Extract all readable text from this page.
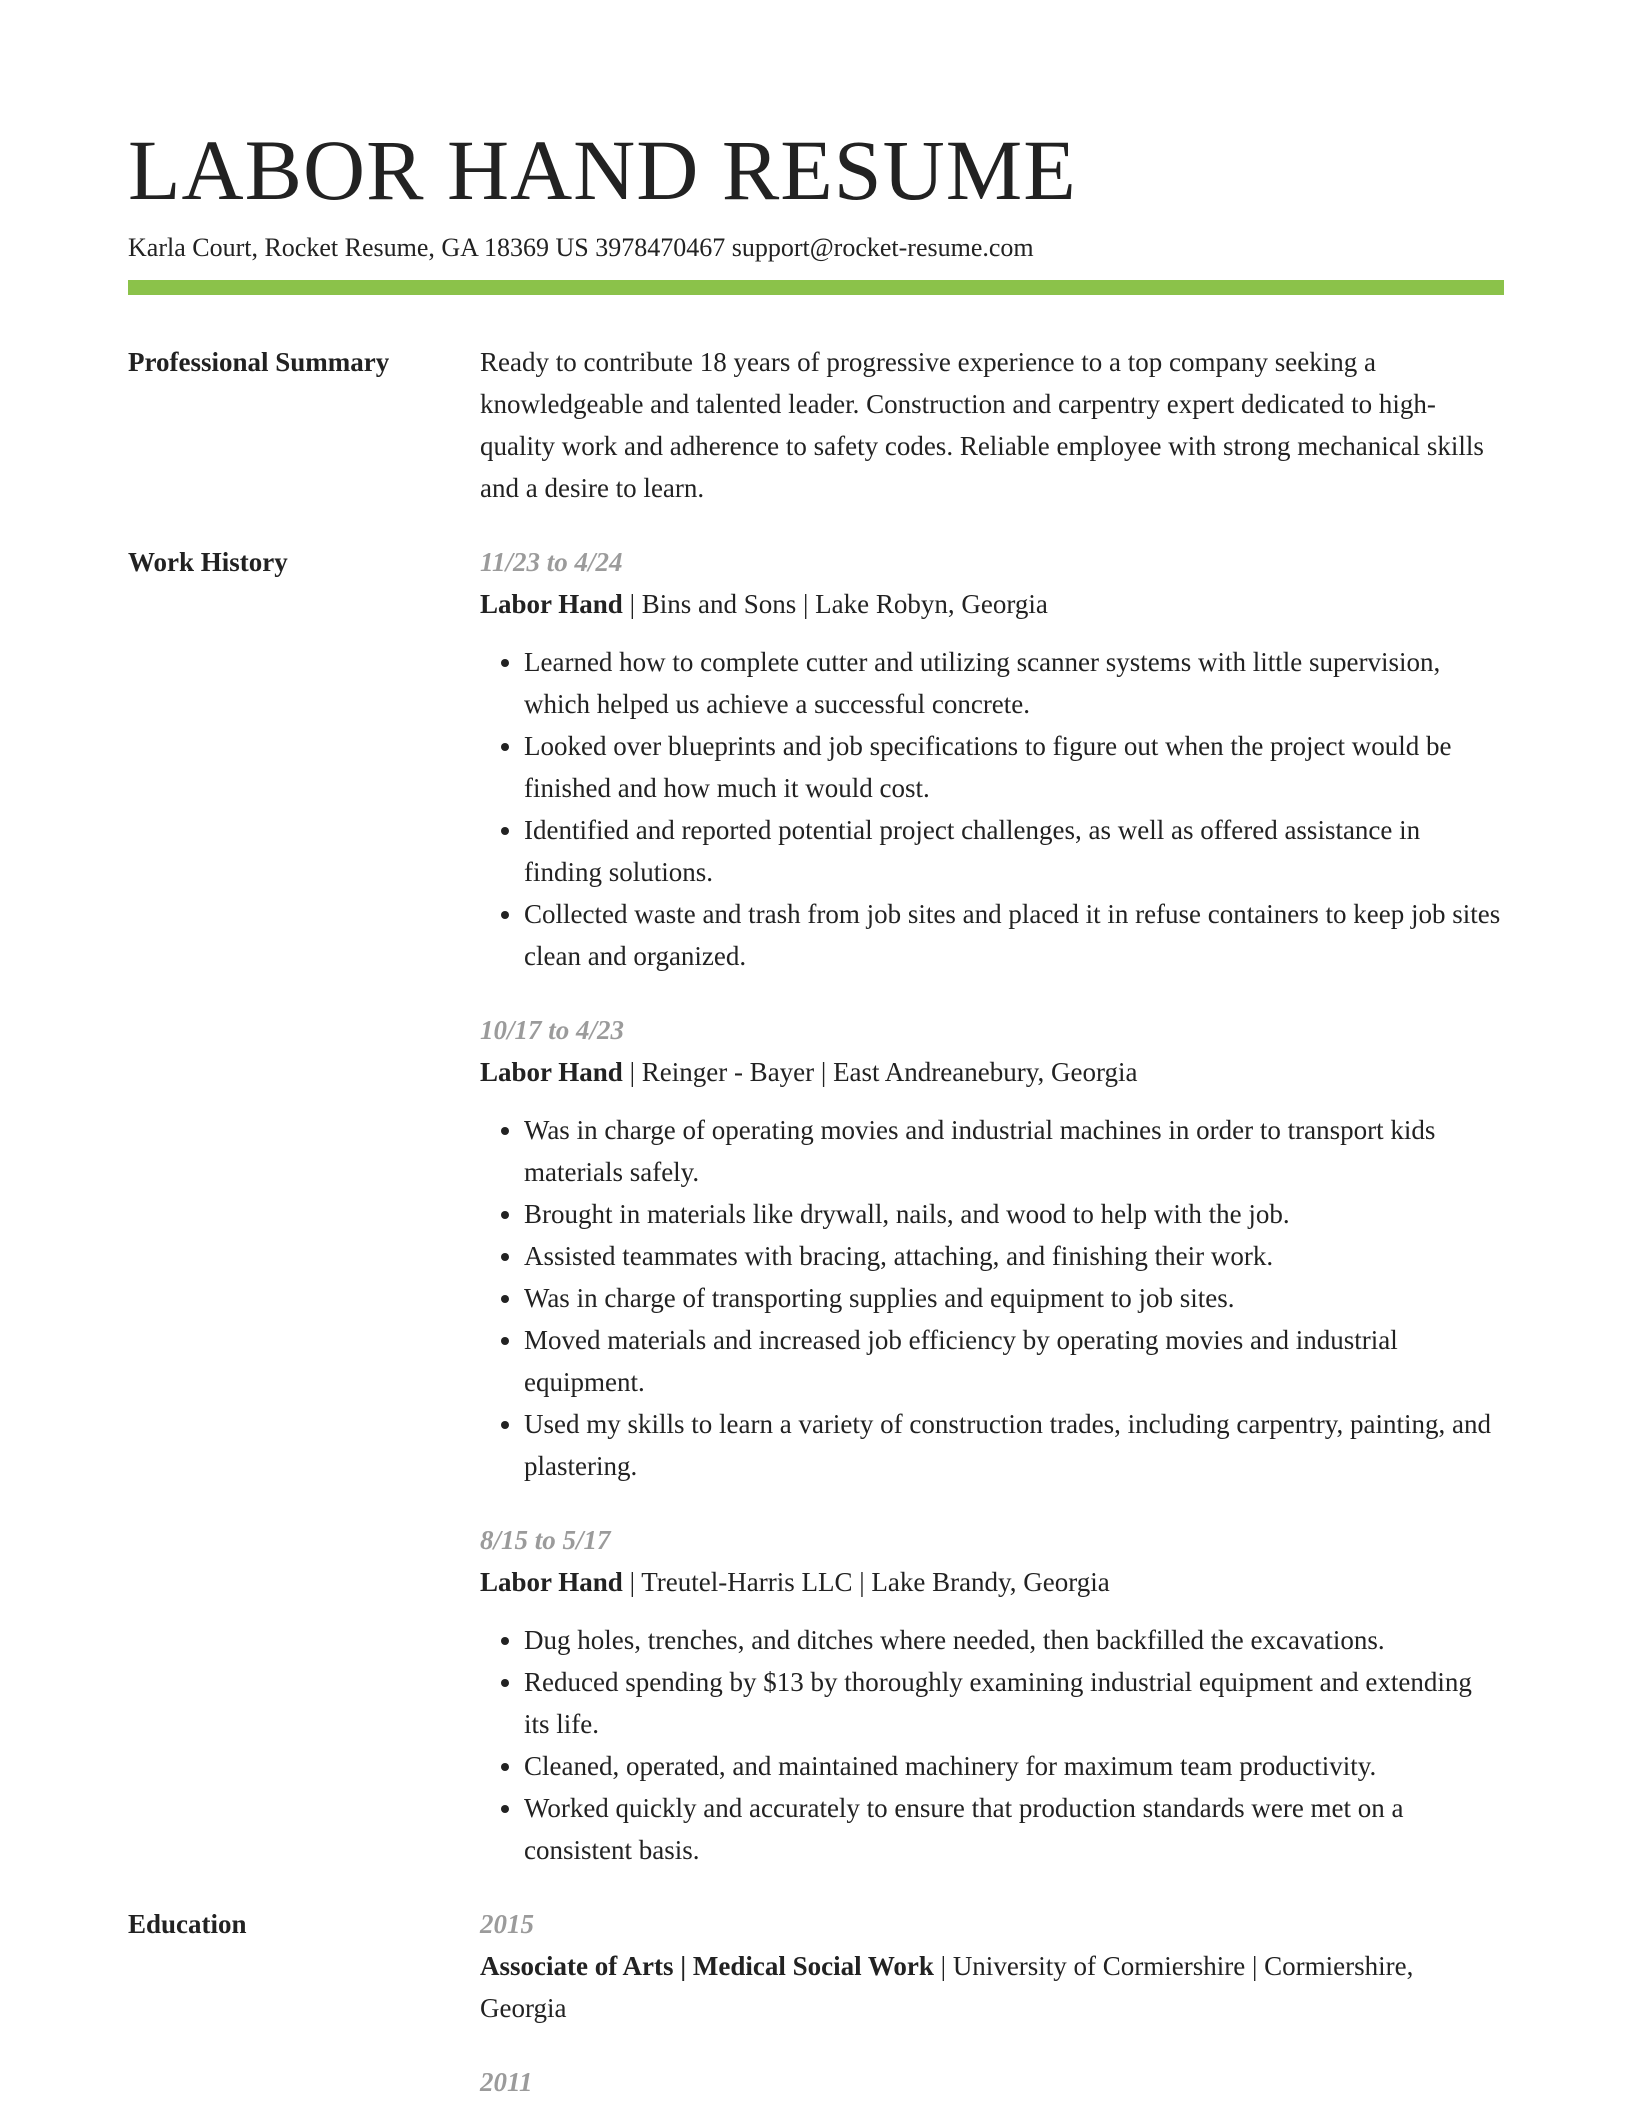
LABOR HAND RESUME
Karla Court, Rocket Resume, GA 18369 US 3978470467 support@rocket-resume.com
Professional Summary	Ready to contribute 18 years of progressive experience to a top company seeking a knowledgeable and talented leader. Construction and carpentry expert dedicated to high-quality work and adherence to safety codes. Reliable employee with strong mechanical skills and a desire to learn.

Work History	11/23 to 4/24
Labor Hand | Bins and Sons | Lake Robyn, Georgia
• Learned how to complete cutter and utilizing scanner systems with little supervision, which helped us achieve a successful concrete.
• Looked over blueprints and job specifications to figure out when the project would be finished and how much it would cost.
• Identified and reported potential project challenges, as well as offered assistance in finding solutions.
• Collected waste and trash from job sites and placed it in refuse containers to keep job sites clean and organized.
10/17 to 4/23
Labor Hand | Reinger - Bayer | East Andreanebury, Georgia
• Was in charge of operating movies and industrial machines in order to transport kids materials safely.
• Brought in materials like drywall, nails, and wood to help with the job.
• Assisted teammates with bracing, attaching, and finishing their work.
• Was in charge of transporting supplies and equipment to job sites.
• Moved materials and increased job efficiency by operating movies and industrial equipment.
• Used my skills to learn a variety of construction trades, including carpentry, painting, and plastering.
8/15 to 5/17
Labor Hand | Treutel-Harris LLC | Lake Brandy, Georgia
• Dug holes, trenches, and ditches where needed, then backfilled the excavations.
• Reduced spending by $13 by thoroughly examining industrial equipment and extending its life.
• Cleaned, operated, and maintained machinery for maximum team productivity.
• Worked quickly and accurately to ensure that production standards were met on a consistent basis.
Education	2015
Associate of Arts | Medical Social Work | University of Cormiershire | Cormiershire, Georgia
2011
